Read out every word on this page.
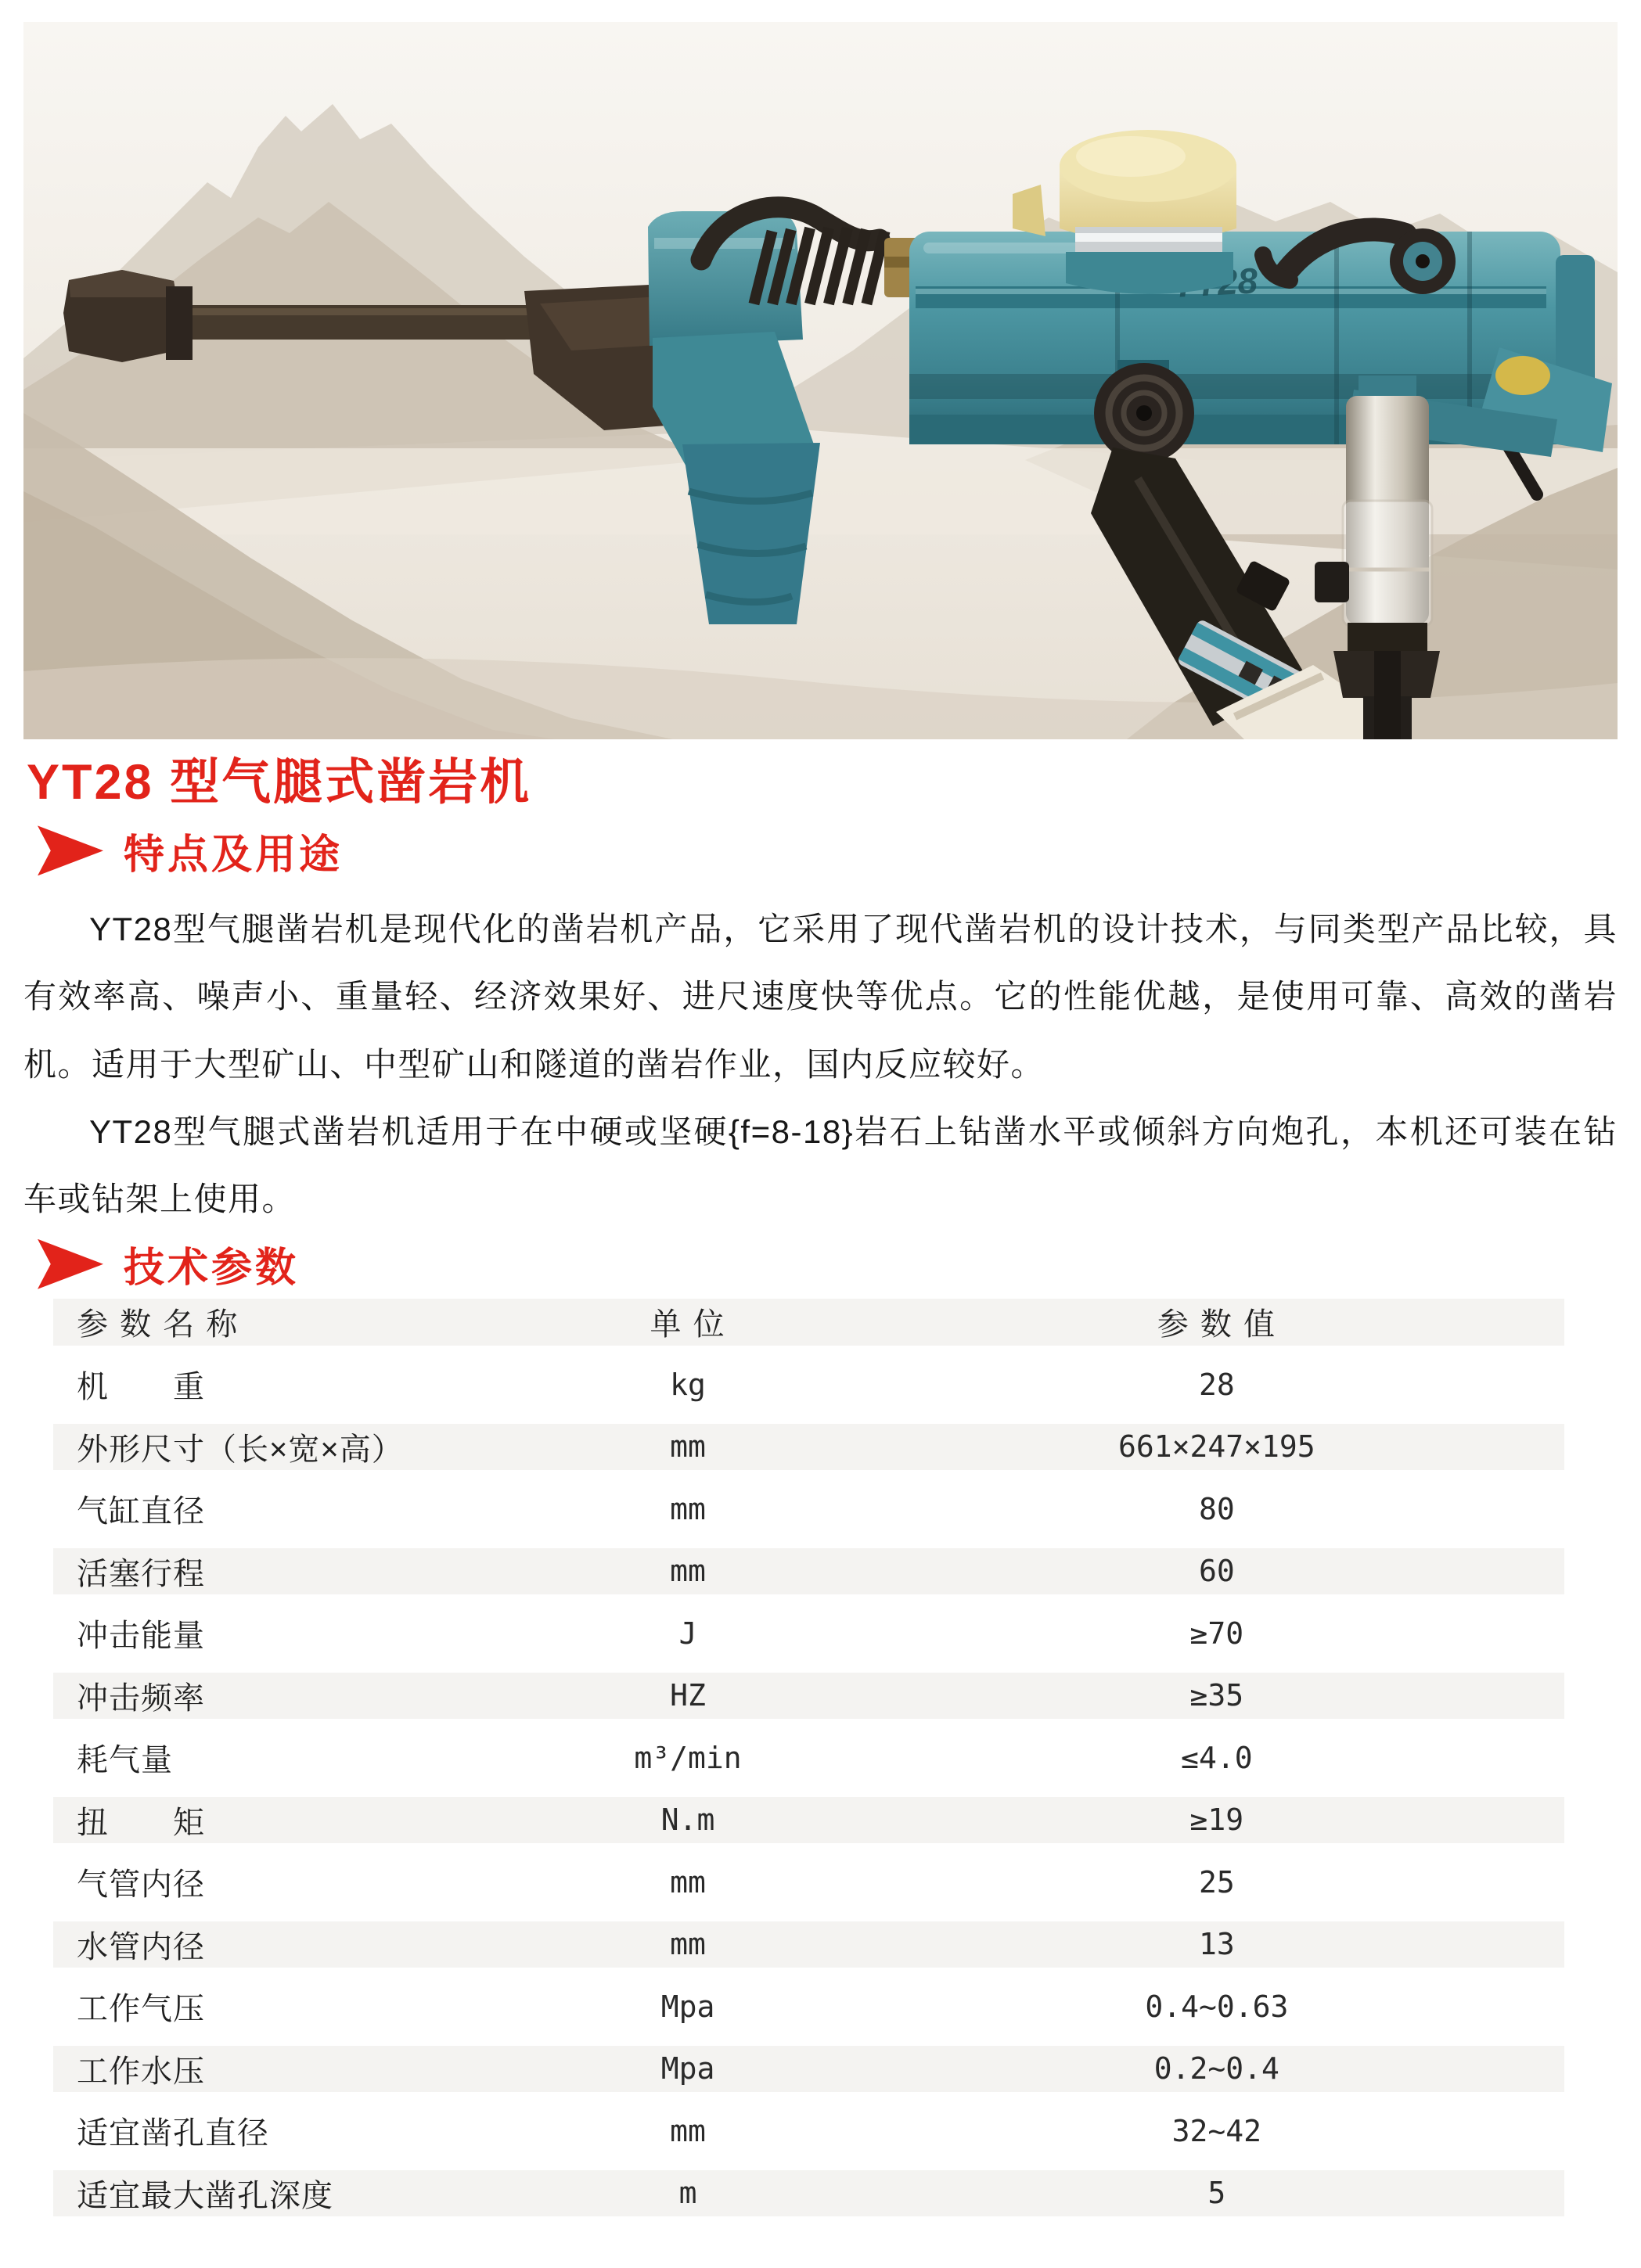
YT28 型气腿式凿岩机
特点及用途

YT28型气腿凿岩机是现代化的凿岩机产品，它采用了现代凿岩机的设计技术，与同类型产品比较，具有效率高、噪声小、重量轻、经济效果好、进尺速度快等优点。它的性能优越，是使用可靠、高效的凿岩机。适用于大型矿山、中型矿山和隧道的凿岩作业，国内反应较好。

YT28型气腿式凿岩机适用于在中硬或坚硬{f=8-18}岩石上钻凿水平或倾斜方向炮孔，本机还可装在钻车或钻架上使用。

技术参数
参 数 名 称	单 位	参 数 值
机　　重	kg	28
外形尺寸（长×宽×高）	mm	661×247×195
气缸直径	mm	80
活塞行程	mm	60
冲击能量	J	≥70
冲击频率	HZ	≥35
耗气量	m³/min	≤4.0
扭　　矩	N.m	≥19
气管内径	mm	25
水管内径	mm	13
工作气压	Mpa	0.4~0.63
工作水压	Mpa	0.2~0.4
适宜凿孔直径	mm	32~42
适宜最大凿孔深度	m	5
